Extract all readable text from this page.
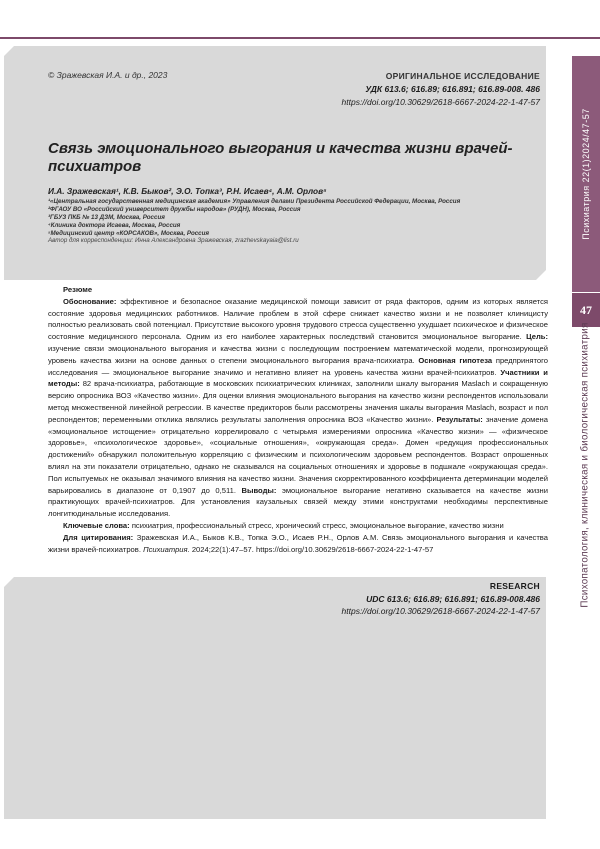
Психиатрия 22(1)2024/47-57
47
Психопатология, клиническая и биологическая психиатрия
© Зражевская И.А. и др., 2023	ОРИГИНАЛЬНОЕ ИССЛЕДОВАНИЕ
УДК 613.6; 616.89; 616.891; 616.89-008. 486
https://doi.org/10.30629/2618-6667-2024-22-1-47-57
Связь эмоционального выгорания и качества жизни врачей-психиатров
И.А. Зражевская¹, К.В. Быков², Э.О. Топка³, Р.Н. Исаев⁴, А.М. Орлов⁵
¹«Центральная государственная медицинская академия» Управления делами Президента Российской Федерации, Москва, Россия
²ФГАОУ ВО «Российский университет дружбы народов» (РУДН), Москва, Россия
³ГБУЗ ПКБ № 13 ДЗМ, Москва, Россия
⁴Клиника доктора Исаева, Москва, Россия
⁵Медицинский центр «КОРСАКОВ», Москва, Россия
Автор для корреспонденции: Инна Александровна Зражевская, zrazhevskayaia@list.ru

Резюме

Обоснование: эффективное и безопасное оказание медицинской помощи зависит от ряда факторов, одним из которых является состояние здоровья медицинских работников. Наличие проблем в этой сфере снижает качество жизни и не позволяет клиницисту полностью реализовать свой потенциал. Присутствие высокого уровня трудового стресса существенно ухудшает психическое и физическое состояние медицинского персонала. Одним из его наиболее характерных последствий становится эмоциональное выгорание. Цель: изучение связи эмоционального выгорания и качества жизни с последующим построением математической модели, прогнозирующей уровень качества жизни на основе данных о степени эмоционального выгорания врача-психиатра. Основная гипотеза предпринятого исследования — эмоциональное выгорание значимо и негативно влияет на уровень качества жизни врачей-психиатров. Участники и методы: 82 врача-психиатра, работающие в московских психиатрических клиниках, заполнили шкалу выгорания Maslach и сокращенную версию опросника ВОЗ «Качество жизни». Для оценки влияния эмоционального выгорания на качество жизни респондентов использовали метод множественной линейной регрессии. В качестве предикторов были рассмотрены значения шкалы выгорания Maslach, возраст и пол респондентов; переменными отклика являлись результаты заполнения опросника ВОЗ «Качество жизни». Результаты: значение домена «эмоциональное истощение» отрицательно коррелировало с четырьмя измерениями опросника «Качество жизни» — «физическое здоровье», «психологическое здоровье», «социальные отношения», «окружающая среда». Домен «редукция профессиональных достижений» обнаружил положительную корреляцию с физическим и психологическим здоровьем респондентов. Возраст опрошенных влиял на эти показатели отрицательно, однако не сказывался на социальных отношениях и здоровье в подшкале «окружающая среда». Пол испытуемых не оказывал значимого влияния на качество жизни. Значения скорректированного коэффициента детерминации моделей варьировались в диапазоне от 0,1907 до 0,511. Выводы: эмоциональное выгорание негативно сказывается на качестве жизни практикующих врачей-психиатров. Для установления каузальных связей между этими конструктами необходимы перспективные лонгитюдинальные исследования.

Ключевые слова: психиатрия, профессиональный стресс, хронический стресс, эмоциональное выгорание, качество жизни

Для цитирования: Зражевская И.А., Быков К.В., Топка Э.О., Исаев Р.Н., Орлов А.М. Связь эмоционального выгорания и качества жизни врачей-психиатров. Психиатрия. 2024;22(1):47–57. https://doi.org/10.30629/2618-6667-2024-22-1-47-57

RESEARCH
UDC 613.6; 616.89; 616.891; 616.89-008.486
https://doi.org/10.30629/2618-6667-2024-22-1-47-57
